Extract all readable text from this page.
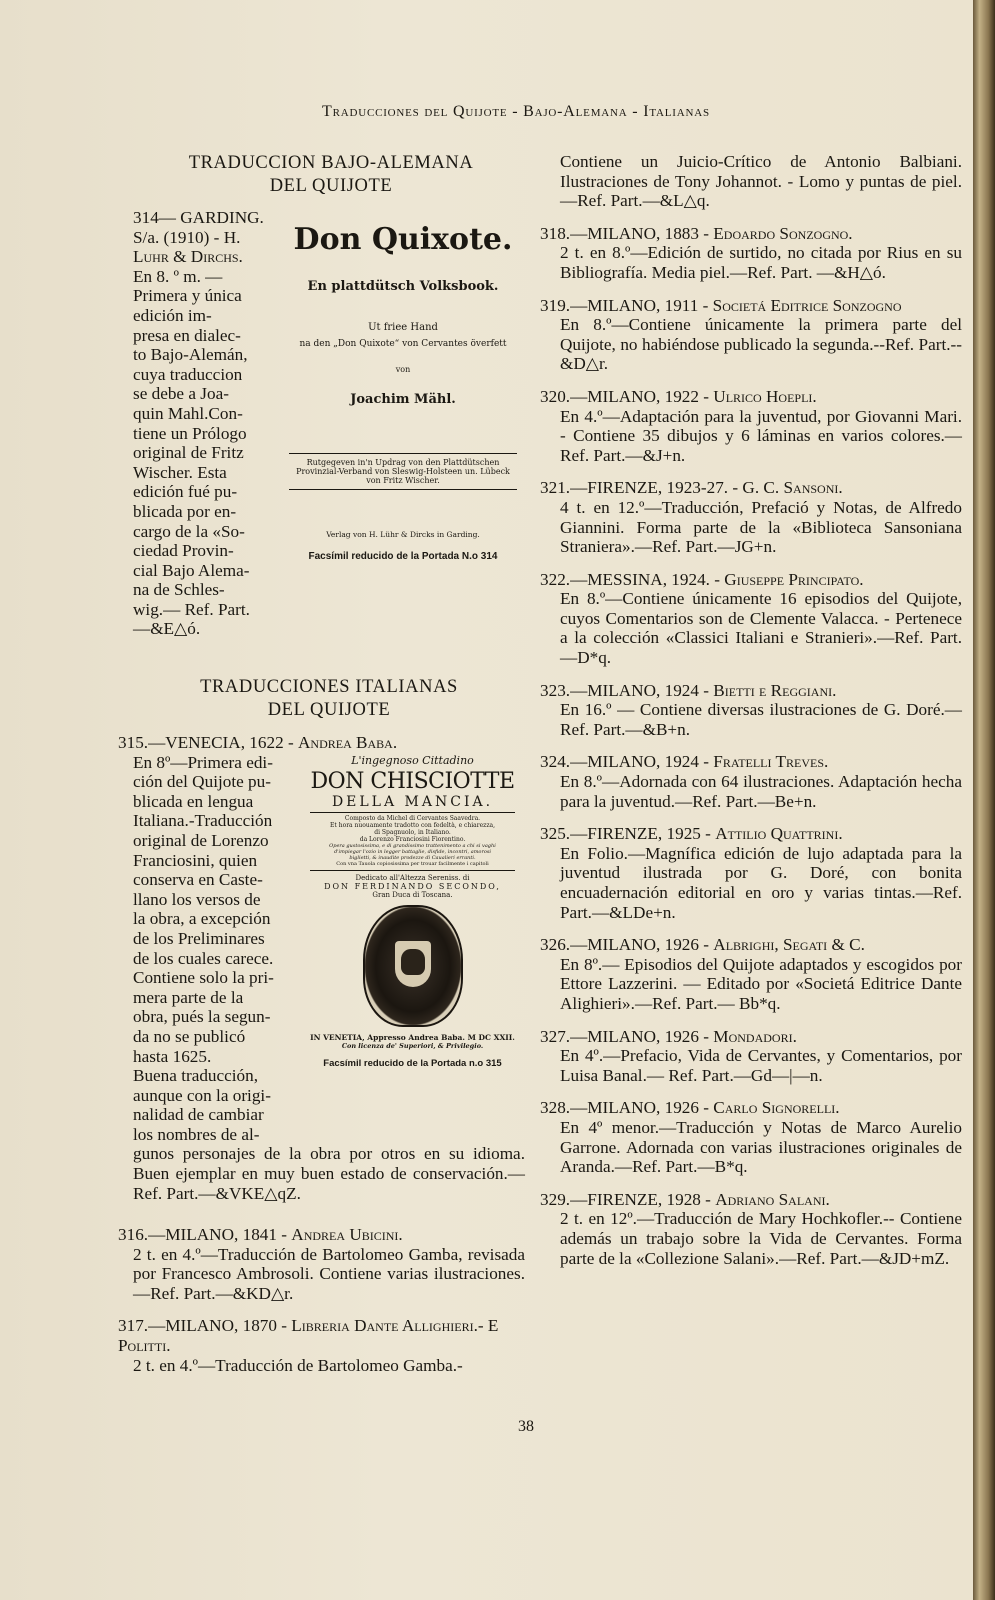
Traducciones del Quijote - Bajo-Alemana - Italianas

TRADUCCION BAJO-ALEMANA

DEL QUIJOTE

314— GARDING.
S/a. (1910) - H.
Luhr & Dirchs.
En 8. º m. —
Primera y única
edición im-
presa en dialec-
to Bajo-Alemán,
cuya traduccion
se debe a Joa-
quin Mahl.Con-
tiene un Prólogo
original de Fritz
Wischer. Esta
edición fué pu-
blicada por en-
cargo de la «So-
ciedad Provin-
cial Bajo Alema-
na de Schles-
wig.— Ref. Part.
—&E△ó.
Don Quixote.
En plattdütsch Volksbook.
Ut friee Hand
na den „Don Quixote“ von Cervantes överfett
von
Joachim Mähl.
Rutgegeven in'n Updrag von den Plattdütschen
Provinzial-Verband von Sleswig-Holsteen un. Lübeck
von Fritz Wischer.
Verlag von H. Lühr & Dircks in Garding.
Facsímil reducido de la Portada N.o 314

TRADUCCIONES ITALIANAS

DEL QUIJOTE

315.—VENECIA, 1622 - Andrea Baba.

En 8º—Primera edi-
ción del Quijote pu-
blicada en lengua
Italiana.-Traducción
original de Lorenzo
Franciosini, quien
conserva en Caste-
llano los versos de
la obra, a excepción
de los Preliminares
de los cuales carece.
Contiene solo la pri-
mera parte de la
obra, pués la segun-
da no se publicó
hasta 1625.
Buena traducción,
aunque con la origi-
nalidad de cambiar
los nombres de al-

gunos personajes de la obra por otros en su idioma. Buen ejemplar en muy buen estado de conservación.—Ref. Part.—&VKE△qZ.

L'ingegnoso Cittadino
DON CHISCIOTTE
DELLA MANCIA.
Composto da Michel di Cervantes Saavedra.
Et hora nuouamente tradotto con fedeltà, e chiarezza,
di Spagnuolo, in Italiano.
da Lorenzo Franciosini Fiorentino.
Opera gustosissima, e di grandissimo trattenimento a chi si vaghi
d'impiegar l'ozio in legger battaglie, disfide, incontri, amorosi
biglietti, & inaudite prodezze di Caualieri erranti.
Con vna Tauola copiosissima per trouar facilmente i capitoli
Dedicato all'Altezza Sereniss. di
DON FERDINANDO SECONDO,
Gran Duca di Toscana.
IN VENETIA, Appresso Andrea Baba. M DC XXII.
Con licenza de' Superiori, & Privilegio.
Facsímil reducido de la Portada n.o 315

316.—MILANO, 1841 - Andrea Ubicini.

2 t. en 4.º—Traducción de Bartolomeo Gamba, revisada por Francesco Ambrosoli. Contiene varias ilustraciones.—Ref. Part.—&KD△r.

317.—MILANO, 1870 - Libreria Dante Allighieri.- E Politti.

2 t. en 4.º—Traducción de Bartolomeo Gamba.-

Contiene un Juicio-Crítico de Antonio Balbiani. Ilustraciones de Tony Johannot. - Lomo y puntas de piel.—Ref. Part.—&L△q.

318.—MILANO, 1883 - Edoardo Sonzogno.

2 t. en 8.º—Edición de surtido, no citada por Rius en su Bibliografía. Media piel.—Ref. Part. —&H△ó.

319.—MILANO, 1911 - Societá Editrice Sonzogno

En 8.º—Contiene únicamente la primera parte del Quijote, no habiéndose publicado la segunda.--Ref. Part.--&D△r.

320.—MILANO, 1922 - Ulrico Hoepli.

En 4.º—Adaptación para la juventud, por Giovanni Mari. - Contiene 35 dibujos y 6 láminas en varios colores.—Ref. Part.—&J+n.

321.—FIRENZE, 1923-27. - G. C. Sansoni.

4 t. en 12.º—Traducción, Prefació y Notas, de Alfredo Giannini. Forma parte de la «Biblioteca Sansoniana Straniera».—Ref. Part.—JG+n.

322.—MESSINA, 1924. - Giuseppe Principato.

En 8.º—Contiene únicamente 16 episodios del Quijote, cuyos Comentarios son de Clemente Valacca. - Pertenece a la colección «Classici Italiani e Stranieri».—Ref. Part.—D*q.

323.—MILANO, 1924 - Bietti e Reggiani.

En 16.º — Contiene diversas ilustraciones de G. Doré.—Ref. Part.—&B+n.

324.—MILANO, 1924 - Fratelli Treves.

En 8.º—Adornada con 64 ilustraciones. Adaptación hecha para la juventud.—Ref. Part.—Be+n.

325.—FIRENZE, 1925 - Attilio Quattrini.

En Folio.—Magnífica edición de lujo adaptada para la juventud ilustrada por G. Doré, con bonita encuadernación editorial en oro y varias tintas.—Ref. Part.—&LDe+n.

326.—MILANO, 1926 - Albrighi, Segati & C.

En 8º.— Episodios del Quijote adaptados y escogidos por Ettore Lazzerini. — Editado por «Societá Editrice Dante Alighieri».—Ref. Part.— Bb*q.

327.—MILANO, 1926 - Mondadori.

En 4º.—Prefacio, Vida de Cervantes, y Comentarios, por Luisa Banal.— Ref. Part.—Gd—|—n.

328.—MILANO, 1926 - Carlo Signorelli.

En 4º menor.—Traducción y Notas de Marco Aurelio Garrone. Adornada con varias ilustraciones originales de Aranda.—Ref. Part.—B*q.

329.—FIRENZE, 1928 - Adriano Salani.

2 t. en 12º.—Traducción de Mary Hochkofler.-- Contiene además un trabajo sobre la Vida de Cervantes. Forma parte de la «Collezione Salani».—Ref. Part.—&JD+mZ.

38
